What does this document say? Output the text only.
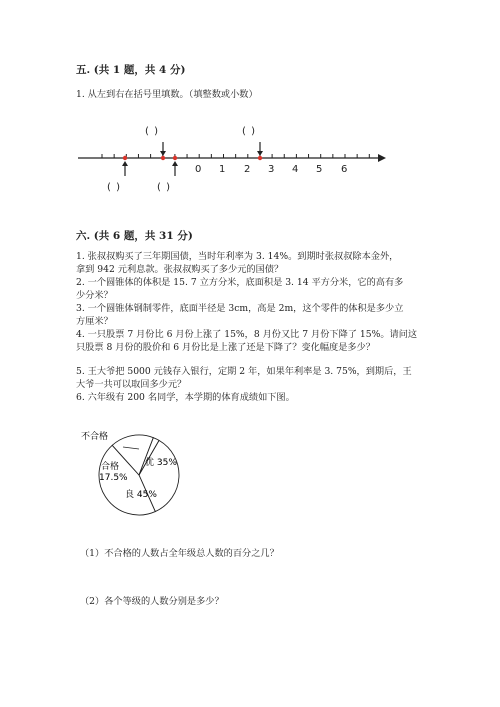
五. (共 1 题，共 4 分)
1. 从左到右在括号里填数。（填整数或小数）
0 1 2 3 4 5 6
( )	( )
( )	( )
六. (共 6 题，共 31 分)
1. 张叔叔购买了三年期国债，当时年利率为 3. 14%。到期时张叔叔除本金外，
拿到 942 元利息款。张叔叔购买了多少元的国债？
2. 一个圆锥体的体积是 15. 7 立方分米，底面积是 3. 14 平方分米，它的高有多
少分米？
3. 一个圆锥体钢制零件，底面半径是 3cm，高是 2m，这个零件的体积是多少立
方厘米？
4. 一只股票 7 月份比 6 月份上涨了 15%，8 月份又比 7 月份下降了 15%。请问这
只股票 8 月份的股价和 6 月份比是上涨了还是下降了？变化幅度是多少？
5. 王大爷把 5000 元钱存入银行，定期 2 年，如果年利率是 3. 75%，到期后，王
大爷一共可以取回多少元？
6. 六年级有 200 名同学，本学期的体育成绩如下图。
不合格
优 35%
良 45%
合格
17.5%
（1）不合格的人数占全年级总人数的百分之几？
（2）各个等级的人数分别是多少？
